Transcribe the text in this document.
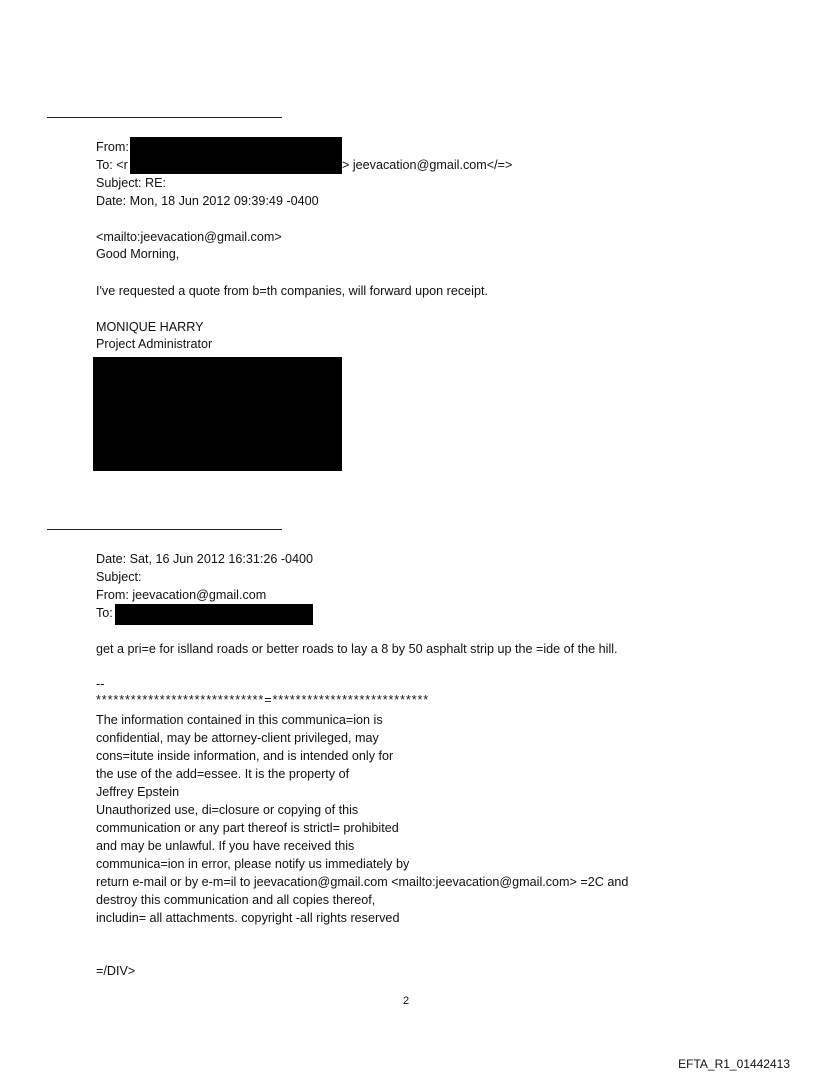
From:
To: <r	> jeevacation@gmail.com</=>
Subject: RE:
Date: Mon, 18 Jun 2012 09:39:49 -0400
<mailto:jeevacation@gmail.com>
Good Morning,
I've requested a quote from b=th companies, will forward upon receipt.
MONIQUE HARRY
Project Administrator
Date: Sat, 16 Jun 2012 16:31:26 -0400
Subject:
From: jeevacation@gmail.com
To:
get a pri=e for islland roads or better roads to lay a 8 by 50 asphalt strip up the =ide of the hill.
--
*****************************=***************************
The information contained in this communica=ion is
confidential, may be attorney-client privileged, may
cons=itute inside information, and is intended only for
the use of the add=essee. It is the property of
Jeffrey Epstein
Unauthorized use, di=closure or copying of this
communication or any part thereof is strictl= prohibited
and may be unlawful. If you have received this
communica=ion in error, please notify us immediately by
return e-mail or by e-m=il to jeevacation@gmail.com <mailto:jeevacation@gmail.com> =2C and
destroy this communication and all copies thereof,
includin= all attachments. copyright -all rights reserved
=/DIV>
2
EFTA_R1_01442413
